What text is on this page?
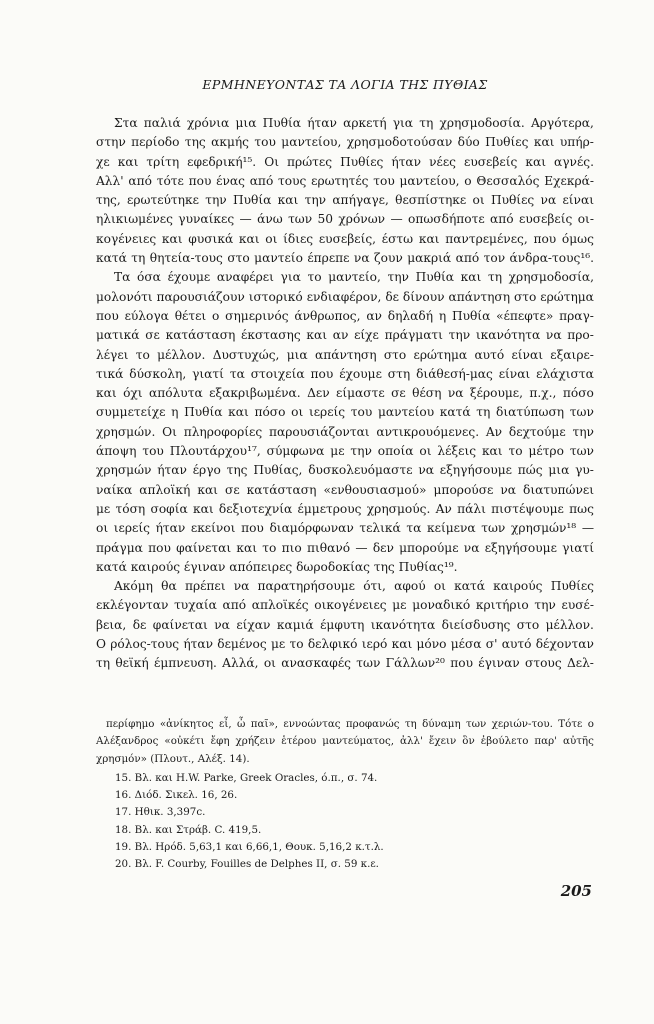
ΕΡΜΗΝΕΥΟΝΤΑΣ ΤΑ ΛΟΓΙΑ ΤΗΣ ΠΥΘΙΑΣ
Στα παλιά χρόνια μια Πυθία ήταν αρκετή για τη χρησμοδοσία. Αργότερα,
στην περίοδο της ακμής του μαντείου, χρησμοδοτούσαν δύο Πυθίες και υπήρ-
χε και τρίτη εφεδρική¹⁵. Οι πρώτες Πυθίες ήταν νέες ευσεβείς και αγνές.
Αλλ' από τότε που ένας από τους ερωτητές του μαντείου, ο Θεσσαλός Εχεκρά-
της, ερωτεύτηκε την Πυθία και την απήγαγε, θεσπίστηκε οι Πυθίες να είναι
ηλικιωμένες γυναίκες — άνω των 50 χρόνων — οπωσδήποτε από ευσεβείς οι-
κογένειες και φυσικά και οι ίδιες ευσεβείς, έστω και παντρεμένες, που όμως
κατά τη θητεία-τους στο μαντείο έπρεπε να ζουν μακριά από τον άνδρα-τους¹⁶.
Τα όσα έχουμε αναφέρει για το μαντείο, την Πυθία και τη χρησμοδοσία,
μολονότι παρουσιάζουν ιστορικό ενδιαφέρον, δε δίνουν απάντηση στο ερώτημα
που εύλογα θέτει ο σημερινός άνθρωπος, αν δηλαδή η Πυθία «έπεφτε» πραγ-
ματικά σε κατάσταση έκστασης και αν είχε πράγματι την ικανότητα να προ-
λέγει το μέλλον. Δυστυχώς, μια απάντηση στο ερώτημα αυτό είναι εξαιρε-
τικά δύσκολη, γιατί τα στοιχεία που έχουμε στη διάθεσή-μας είναι ελάχιστα
και όχι απόλυτα εξακριβωμένα. Δεν είμαστε σε θέση να ξέρουμε, π.χ., πόσο
συμμετείχε η Πυθία και πόσο οι ιερείς του μαντείου κατά τη διατύπωση των
χρησμών. Οι πληροφορίες παρουσιάζονται αντικρουόμενες. Αν δεχτούμε την
άποψη του Πλουτάρχου¹⁷, σύμφωνα με την οποία οι λέξεις και το μέτρο των
χρησμών ήταν έργο της Πυθίας, δυσκολευόμαστε να εξηγήσουμε πώς μια γυ-
ναίκα απλοϊκή και σε κατάσταση «ενθουσιασμού» μπορούσε να διατυπώνει
με τόση σοφία και δεξιοτεχνία έμμετρους χρησμούς. Αν πάλι πιστέψουμε πως
οι ιερείς ήταν εκείνοι που διαμόρφωναν τελικά τα κείμενα των χρησμών¹⁸ —
πράγμα που φαίνεται και το πιο πιθανό — δεν μπορούμε να εξηγήσουμε γιατί
κατά καιρούς έγιναν απόπειρες δωροδοκίας της Πυθίας¹⁹.
Ακόμη θα πρέπει να παρατηρήσουμε ότι, αφού οι κατά καιρούς Πυθίες
εκλέγονταν τυχαία από απλοϊκές οικογένειες με μοναδικό κριτήριο την ευσέ-
βεια, δε φαίνεται να είχαν καμιά έμφυτη ικανότητα διείσδυσης στο μέλλον.
Ο ρόλος-τους ήταν δεμένος με το δελφικό ιερό και μόνο μέσα σ' αυτό δέχονταν
τη θεϊκή έμπνευση. Αλλά, οι ανασκαφές των Γάλλων²⁰ που έγιναν στους Δελ-
περίφημο «ἀνίκητος εἶ, ὦ παῖ», εννοώντας προφανώς τη δύναμη των χεριών-του. Τότε ο
Αλέξανδρος «οὐκέτι ἔφη χρήζειν ἑτέρου μαντεύματος, ἀλλ' ἔχειν ὃν ἐβούλετο παρ' αὐτῆς
χρησμόν» (Πλουτ., Αλέξ. 14).
15. Βλ. και H.W. Parke, Greek Oracles, ό.π., σ. 74.
16. Διόδ. Σικελ. 16, 26.
17. Ηθικ. 3,397c.
18. Βλ. και Στράβ. C. 419,5.
19. Βλ. Ηρόδ. 5,63,1 και 6,66,1, Θουκ. 5,16,2 κ.τ.λ.
20. Βλ. F. Courby, Fouilles de Delphes II, σ. 59 κ.ε.
205
